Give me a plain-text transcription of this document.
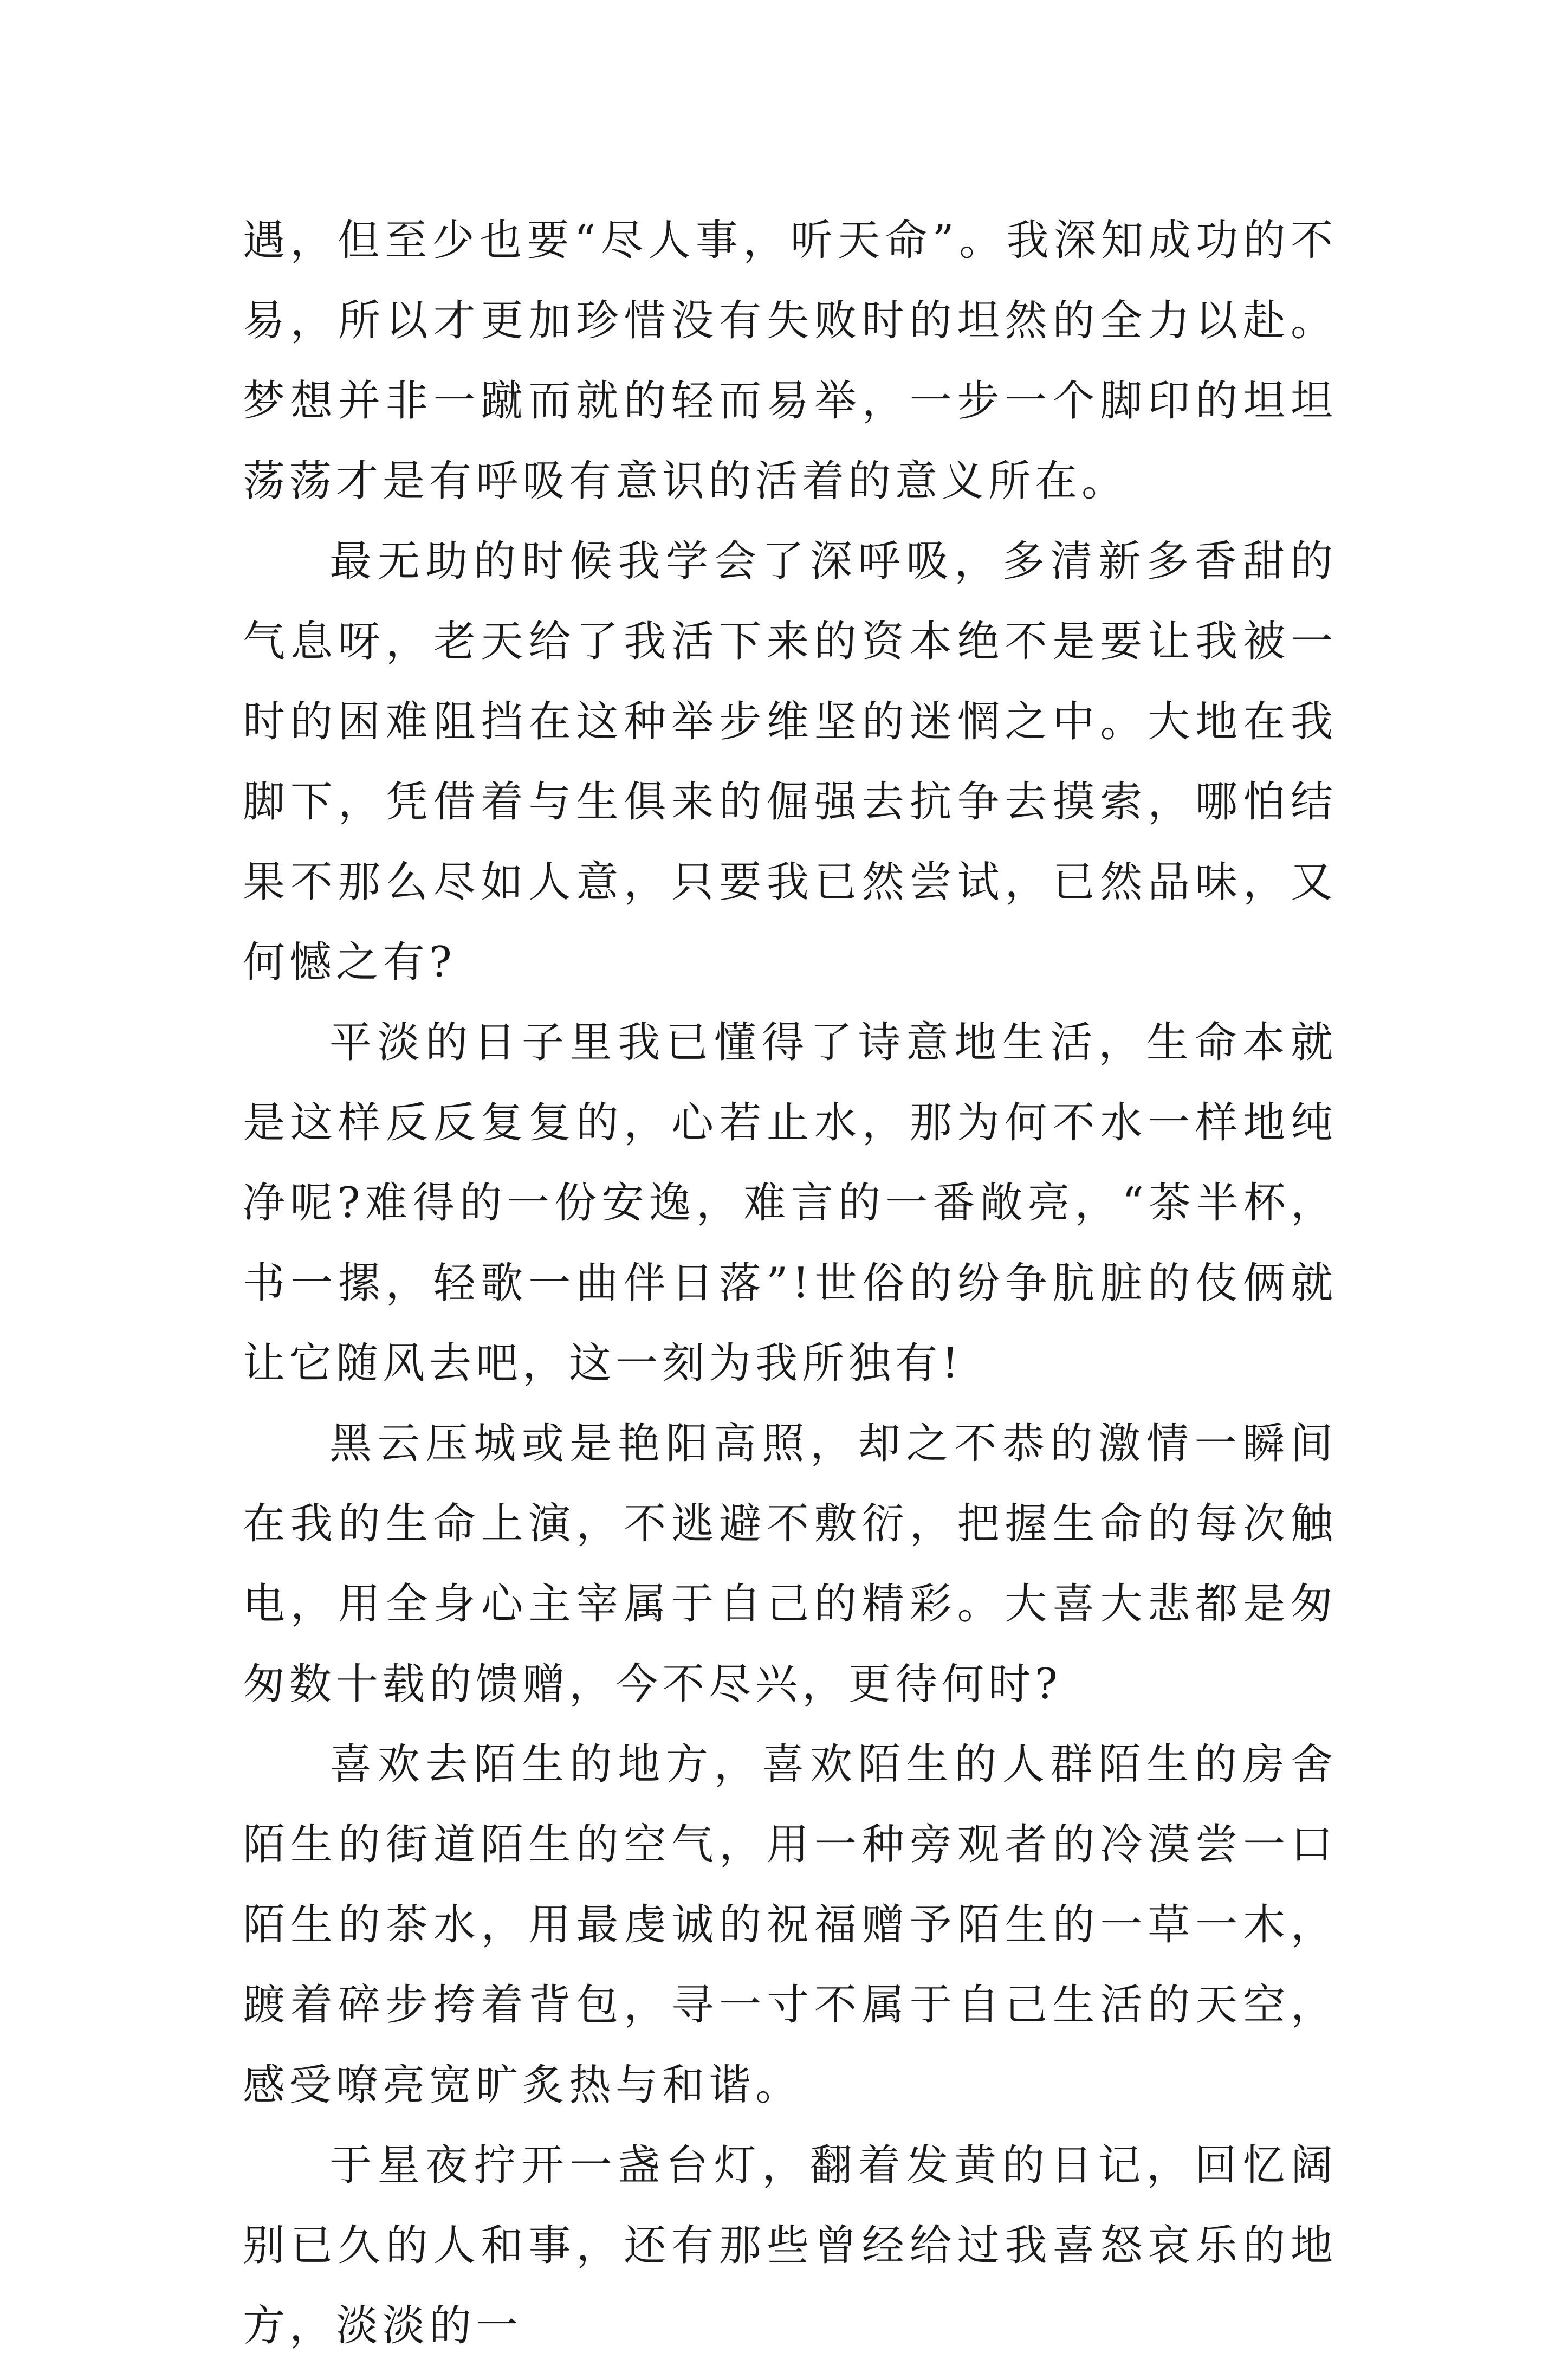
遇，但至少也要“尽人事，听天命”。我深知成功的不易，所以才更加珍惜没有失败时的坦然的全力以赴。梦想并非一蹴而就的轻而易举，一步一个脚印的坦坦荡荡才是有呼吸有意识的活着的意义所在。

最无助的时候我学会了深呼吸，多清新多香甜的气息呀，老天给了我活下来的资本绝不是要让我被一时的困难阻挡在这种举步维坚的迷惘之中。大地在我脚下，凭借着与生俱来的倔强去抗争去摸索，哪怕结果不那么尽如人意，只要我已然尝试，已然品味，又何憾之有?

平淡的日子里我已懂得了诗意地生活，生命本就是这样反反复复的，心若止水，那为何不水一样地纯净呢?难得的一份安逸，难言的一番敞亮，“茶半杯，书一摞，轻歌一曲伴日落”!世俗的纷争肮脏的伎俩就让它随风去吧，这一刻为我所独有!

黑云压城或是艳阳高照，却之不恭的激情一瞬间在我的生命上演，不逃避不敷衍，把握生命的每次触电，用全身心主宰属于自己的精彩。大喜大悲都是匆匆数十载的馈赠，今不尽兴，更待何时?

喜欢去陌生的地方，喜欢陌生的人群陌生的房舍陌生的街道陌生的空气，用一种旁观者的冷漠尝一口陌生的茶水，用最虔诚的祝福赠予陌生的一草一木，踱着碎步挎着背包，寻一寸不属于自己生活的天空，感受嘹亮宽旷炙热与和谐。

于星夜拧开一盏台灯，翻着发黄的日记，回忆阔别已久的人和事，还有那些曾经给过我喜怒哀乐的地方，淡淡的一
